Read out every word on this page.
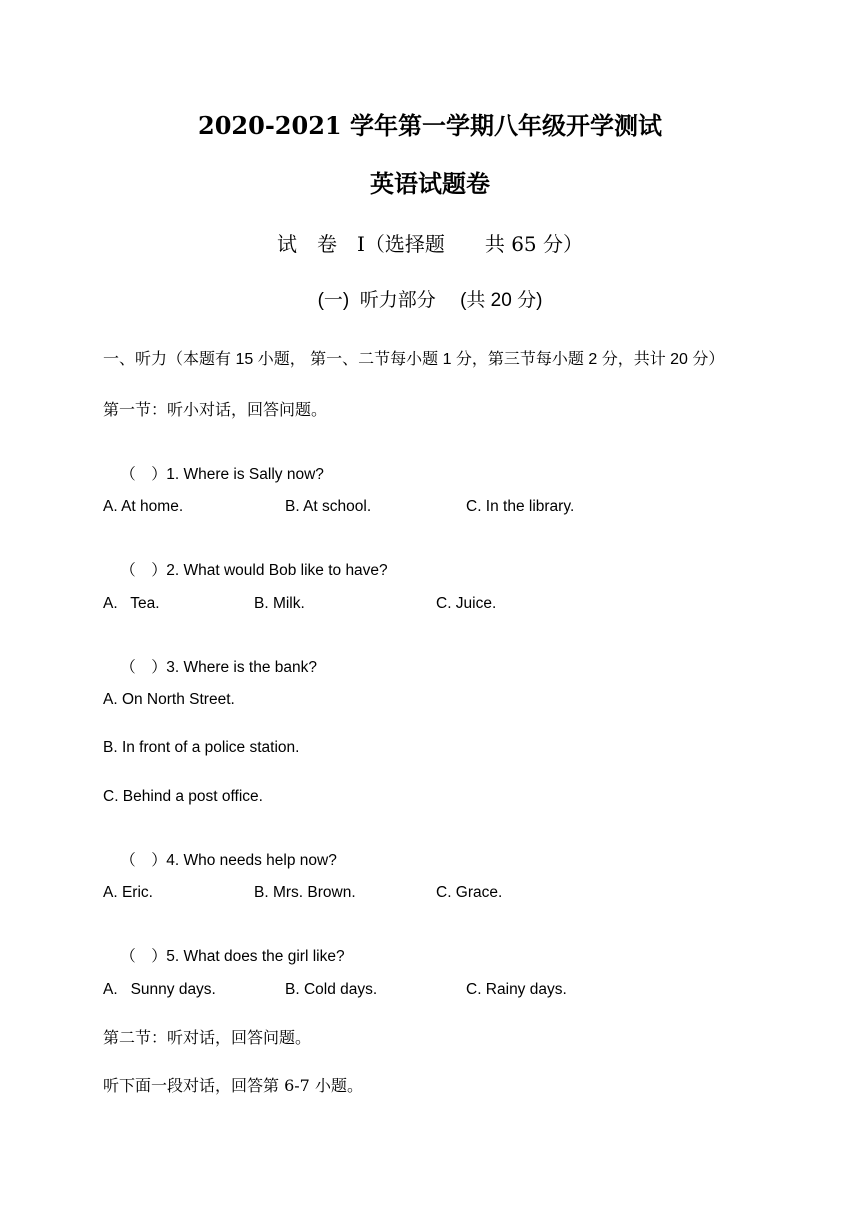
2020-2021 学年第一学期八年级开学测试
英语试题卷
试　卷　Ⅰ（选择题　　共 65 分）
(一)  听力部分　 (共 20 分)
一、听力（本题有 15 小题， 第一、二节每小题 1 分，第三节每小题 2 分，共计 20 分）
第一节：听小对话，回答问题。

（　）1. Where is Sally now?

A. At home.	B. At school.	C. In the library.

（　）2. What would Bob like to have?

A.   Tea.	B. Milk.	C. Juice.

（　）3. Where is the bank?

A. On North Street.
B. In front of a police station.
C. Behind a post office.

（　）4. Who needs help now?

A. Eric.	B. Mrs. Brown.	C. Grace.

（　）5. What does the girl like?

A.   Sunny days.	B. Cold days.	C. Rainy days.
第二节：听对话，回答问题。
听下面一段对话，回答第 6-7 小题。
